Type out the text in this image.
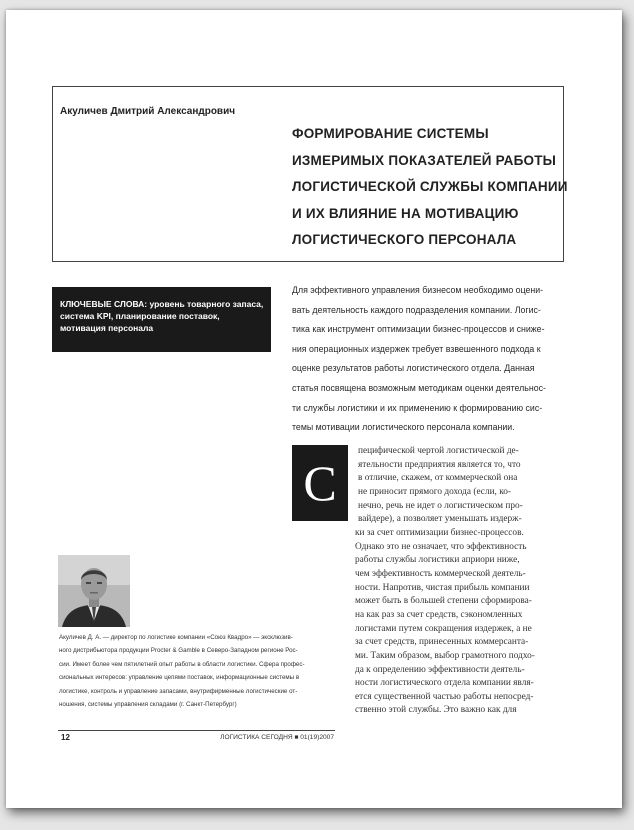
Акуличев Дмитрий Александрович
ФОРМИРОВАНИЕ СИСТЕМЫ
ИЗМЕРИМЫХ ПОКАЗАТЕЛЕЙ РАБОТЫ
ЛОГИСТИЧЕСКОЙ СЛУЖБЫ КОМПАНИИ
И ИХ ВЛИЯНИЕ НА МОТИВАЦИЮ
ЛОГИСТИЧЕСКОГО ПЕРСОНАЛА
КЛЮЧЕВЫЕ СЛОВА: уровень товарного запаса,
система KPI, планирование поставок,
мотивация персонала
Для эффективного управления бизнесом необходимо оцени-
вать деятельность каждого подразделения компании. Логис-
тика как инструмент оптимизации бизнес-процессов и сниже-
ния операционных издержек требует взвешенного подхода к
оценке результатов работы логистического отдела. Данная
статья посвящена возможным методикам оценки деятельнос-
ти службы логистики и их применению к формированию сис-
темы мотивации логистического персонала компании.
С
пецифической чертой логистической де-
ятельности предприятия является то, что
в отличие, скажем, от коммерческой она
не приносит прямого дохода (если, ко-
нечно, речь не идет о логистическом про-
вайдере), а позволяет уменьшать издерж-
ки за счет оптимизации бизнес-процессов.
Однако это не означает, что эффективность
работы службы логистики априори ниже,
чем эффективность коммерческой деятель-
ности. Напротив, чистая прибыль компании
может быть в большей степени сформирова-
на как раз за счет средств, сэкономленных
логистами путем сокращения издержек, а не
за счет средств, принесенных коммерсанта-
ми. Таким образом, выбор грамотного подхо-
да к определению эффективности деятель-
ности логистического отдела компании явля-
ется существенной частью работы непосред-
ственно этой службы. Это важно как для
Акуличев Д. А. — директор по логистике компании «Союз Квадро» — эксклюзив-
ного дистрибьютора продукции Procter & Gamble в Северо-Западном регионе Рос-
сии. Имеет более чем пятилетний опыт работы в области логистики. Сфера профес-
сиональных интересов: управление цепями поставок, информационные системы в
логистике, контроль и управление запасами, внутрифирменные логистические от-
ношения, системы управления складами (г. Санкт-Петербург)
12	ЛОГИСТИКА СЕГОДНЯ ■ 01(19)2007
